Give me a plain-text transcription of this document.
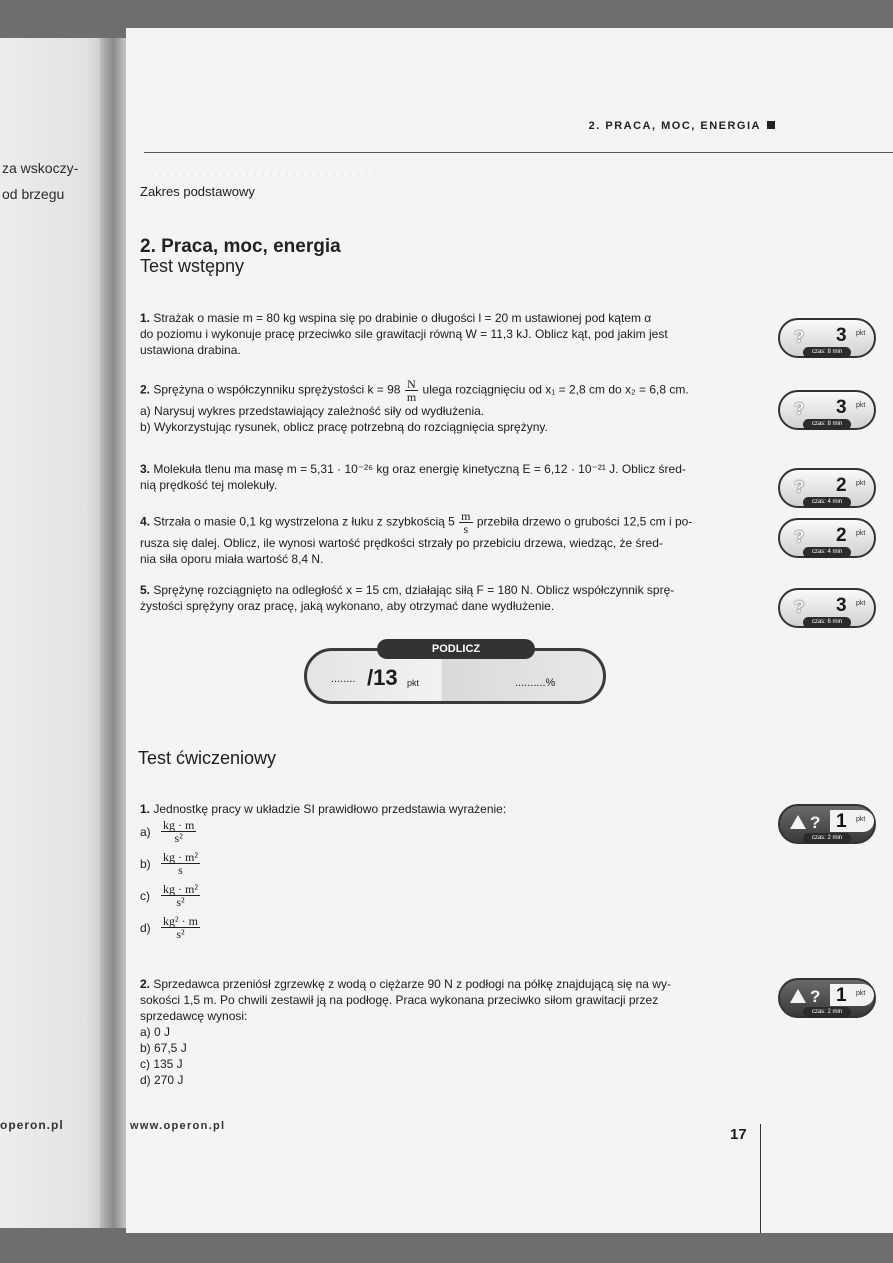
za wskoczy-
od brzegu
operon.pl
· · · · · · · · · · · · · · · · · · · · · · · · · · · · ·
2. PRACA, MOC, ENERGIA
Zakres podstawowy
2. Praca, moc, energia
Test wstępny
1. Strażak o masie m = 80 kg wspina się po drabinie o długości l = 20 m ustawionej pod kątem α
do poziomu i wykonuje pracę przeciwko sile grawitacji równą W = 11,3 kJ. Oblicz kąt, pod jakim jest
ustawiona drabina.
2. Sprężyna o współczynniku sprężystości $k = 98 \frac{N}{m}$ ulega rozciągnięciu od x₁ = 2,8 cm do x₂ = 6,8 cm.
a) Narysuj wykres przedstawiający zależność siły od wydłużenia.
b) Wykorzystując rysunek, oblicz pracę potrzebną do rozciągnięcia sprężyny.
3. Molekuła tlenu ma masę m = 5,31 · 10⁻²⁶ kg oraz energię kinetyczną E = 6,12 · 10⁻²¹ J. Oblicz śred-
nią prędkość tej molekuły.
4. Strzała o masie 0,1 kg wystrzelona z łuku z szybkością $5 \frac{m}{s}$ przebiła drzewo o grubości 12,5 cm i po-
rusza się dalej. Oblicz, ile wynosi wartość prędkości strzały po przebiciu drzewa, wiedząc, że śred-
nia siła oporu miała wartość 8,4 N.
5. Sprężynę rozciągnięto na odległość x = 15 cm, działając siłą F = 180 N. Oblicz współczynnik sprę-
żystości sprężyny oraz pracę, jaką wykonano, aby otrzymać dane wydłużenie.
? 3 pkt
czas: 8 min
? 3 pkt
czas: 8 min
? 2 pkt
czas: 4 min
? 2 pkt
czas: 4 min
? 3 pkt
czas: 6 min
PODLICZ
........ /13 pkt	..........%
Test ćwiczeniowy
1. Jednostkę pracy w układzie SI prawidłowo przedstawia wyrażenie:
$a) \frac{kg \cdot m}{\text{s²}}$
$b) \frac{\text{kg · m²}}{s}$
$c) \frac{\text{kg · m²}}{\text{s²}}$
$d) \frac{\text{kg² · m}}{\text{s²}}$
? 1 pkt
czas: 2 min
2. Sprzedawca przeniósł zgrzewkę z wodą o ciężarze 90 N z podłogi na półkę znajdującą się na wy-
sokości 1,5 m. Po chwili zestawił ją na podłogę. Praca wykonana przeciwko siłom grawitacji przez
sprzedawcę wynosi:
a) 0 J
b) 67,5 J
c) 135 J
d) 270 J
? 1 pkt
czas: 2 min
www.operon.pl	17
